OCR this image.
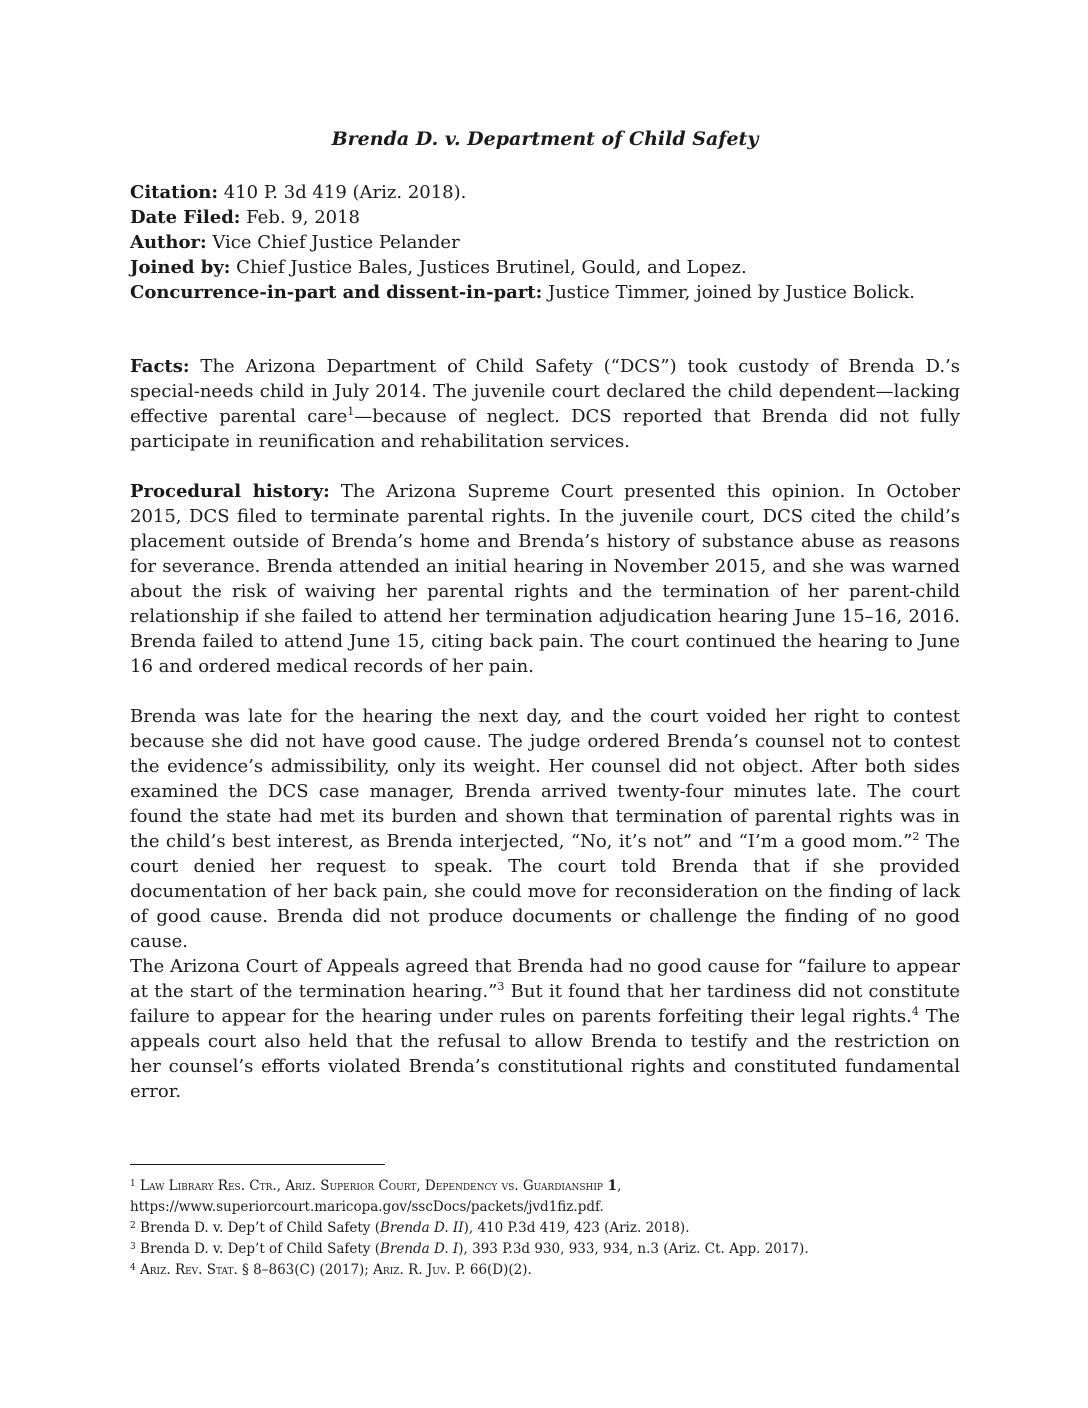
Brenda D. v. Department of Child Safety
Citation: 410 P. 3d 419 (Ariz. 2018).
Date Filed: Feb. 9, 2018
Author: Vice Chief Justice Pelander
Joined by: Chief Justice Bales, Justices Brutinel, Gould, and Lopez.
Concurrence-in-part and dissent-in-part: Justice Timmer, joined by Justice Bolick.
Facts: The Arizona Department of Child Safety (“DCS”) took custody of Brenda D.’s special-needs child in July 2014. The juvenile court declared the child dependent—lacking effective parental care$^1$—because of neglect. DCS reported that Brenda did not fully participate in reunification and rehabilitation services.
Procedural history: The Arizona Supreme Court presented this opinion. In October 2015, DCS filed to terminate parental rights. In the juvenile court, DCS cited the child’s placement outside of Brenda’s home and Brenda’s history of substance abuse as reasons for severance. Brenda attended an initial hearing in November 2015, and she was warned about the risk of waiving her parental rights and the termination of her parent-child relationship if she failed to attend her termination adjudication hearing June 15–16, 2016. Brenda failed to attend June 15, citing back pain. The court continued the hearing to June 16 and ordered medical records of her pain.
Brenda was late for the hearing the next day, and the court voided her right to contest because she did not have good cause. The judge ordered Brenda’s counsel not to contest the evidence’s admissibility, only its weight. Her counsel did not object. After both sides examined the DCS case manager, Brenda arrived twenty-four minutes late. The court found the state had met its burden and shown that termination of parental rights was in the child’s best interest, as Brenda interjected, “No, it’s not” and “I’m a good mom.”$^2$ The court denied her request to speak. The court told Brenda that if she provided documentation of her back pain, she could move for reconsideration on the finding of lack of good cause. Brenda did not produce documents or challenge the finding of no good cause.
The Arizona Court of Appeals agreed that Brenda had no good cause for “failure to appear at the start of the termination hearing.”$^3$ But it found that her tardiness did not constitute failure to appear for the hearing under rules on parents forfeiting their legal rights.$^4$ The appeals court also held that the refusal to allow Brenda to testify and the restriction on her counsel’s efforts violated Brenda’s constitutional rights and constituted fundamental error.
$^1$ Law Library Res. Ctr., Ariz. Superior Court, Dependency vs. Guardianship 1,
https://www.superiorcourt.maricopa.gov/sscDocs/packets/jvd1fiz.pdf.
$^2$ Brenda D. v. Dep’t of Child Safety (Brenda D. II), 410 P.3d 419, 423 (Ariz. 2018).
$^3$ Brenda D. v. Dep’t of Child Safety (Brenda D. I), 393 P.3d 930, 933, 934, n.3 (Ariz. Ct. App. 2017).
$^4$ Ariz. Rev. Stat. § 8–863(C) (2017); Ariz. R. Juv. P. 66(D)(2).
